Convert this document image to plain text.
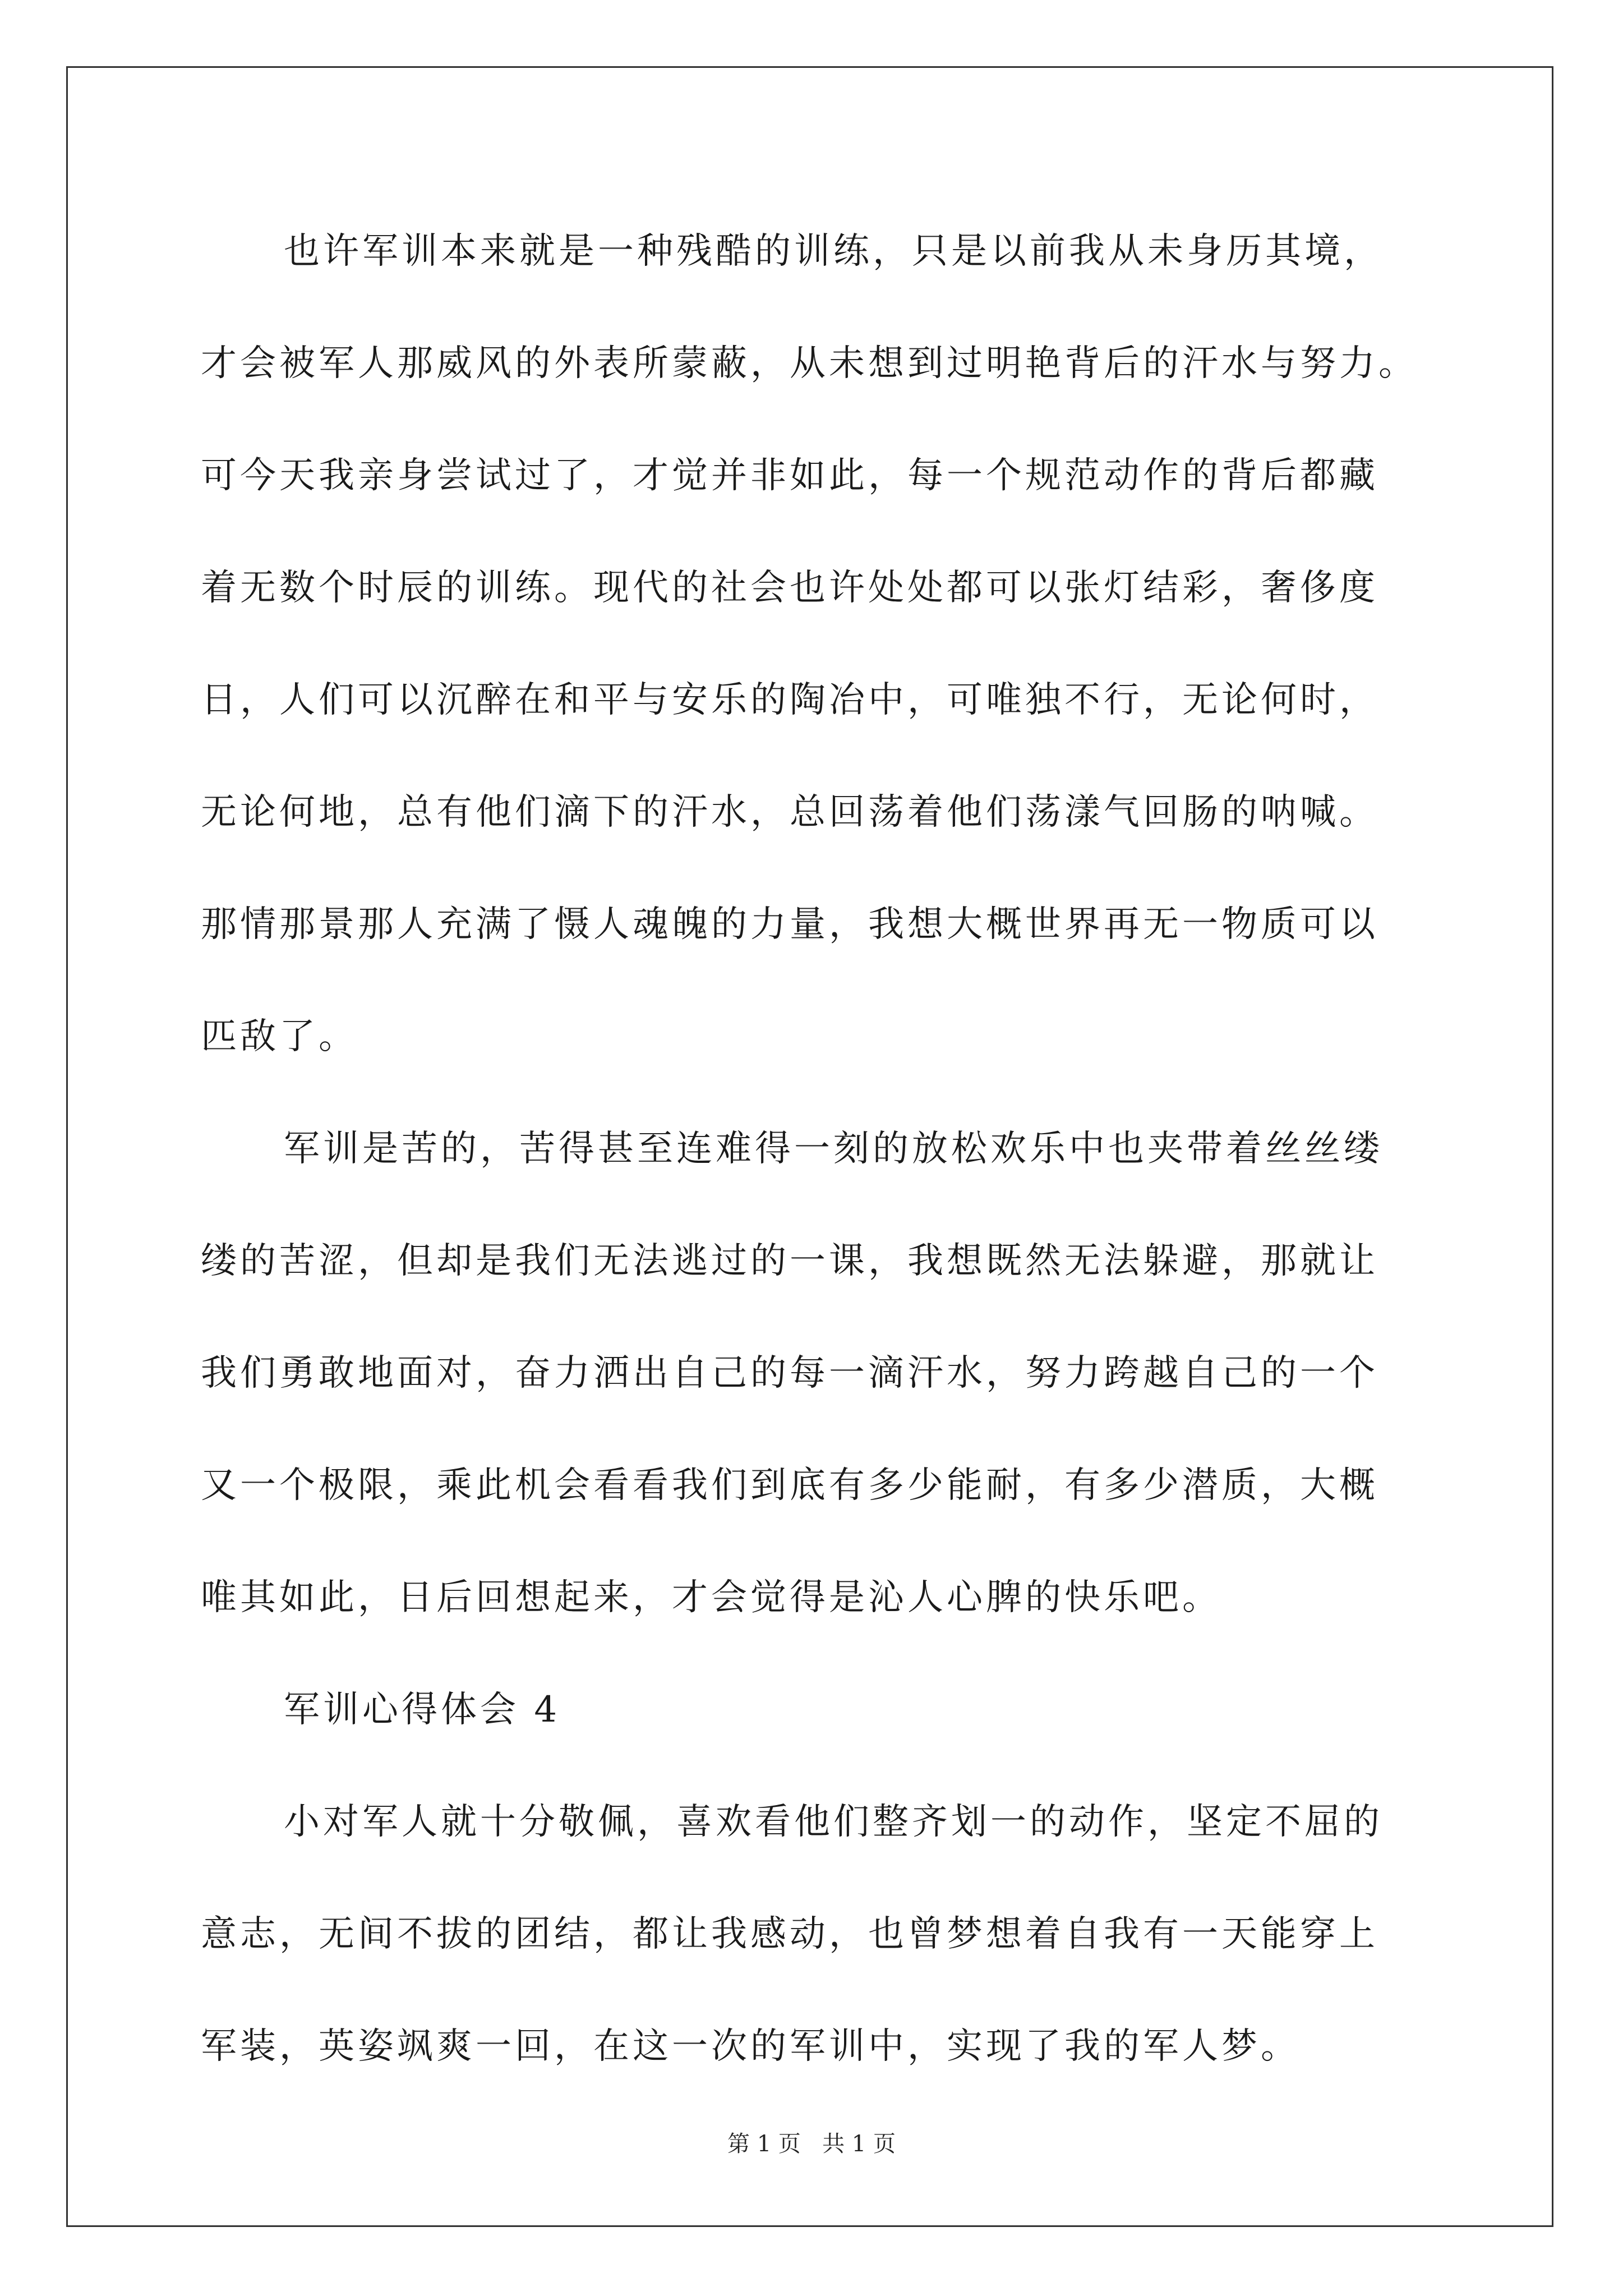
也许军训本来就是一种残酷的训练，只是以前我从未身历其境，
才会被军人那威风的外表所蒙蔽，从未想到过明艳背后的汗水与努力。
可今天我亲身尝试过了，才觉并非如此，每一个规范动作的背后都藏
着无数个时辰的训练。现代的社会也许处处都可以张灯结彩，奢侈度
日，人们可以沉醉在和平与安乐的陶冶中，可唯独不行，无论何时，
无论何地，总有他们滴下的汗水，总回荡着他们荡漾气回肠的呐喊。
那情那景那人充满了慑人魂魄的力量，我想大概世界再无一物质可以
匹敌了。
军训是苦的，苦得甚至连难得一刻的放松欢乐中也夹带着丝丝缕
缕的苦涩，但却是我们无法逃过的一课，我想既然无法躲避，那就让
我们勇敢地面对，奋力洒出自己的每一滴汗水，努力跨越自己的一个
又一个极限，乘此机会看看我们到底有多少能耐，有多少潜质，大概
唯其如此，日后回想起来，才会觉得是沁人心脾的快乐吧。
军训心得体会 4
小对军人就十分敬佩，喜欢看他们整齐划一的动作，坚定不屈的
意志，无间不拔的团结，都让我感动，也曾梦想着自我有一天能穿上
军装，英姿飒爽一回，在这一次的军训中，实现了我的军人梦。
第 1 页   共 1 页
